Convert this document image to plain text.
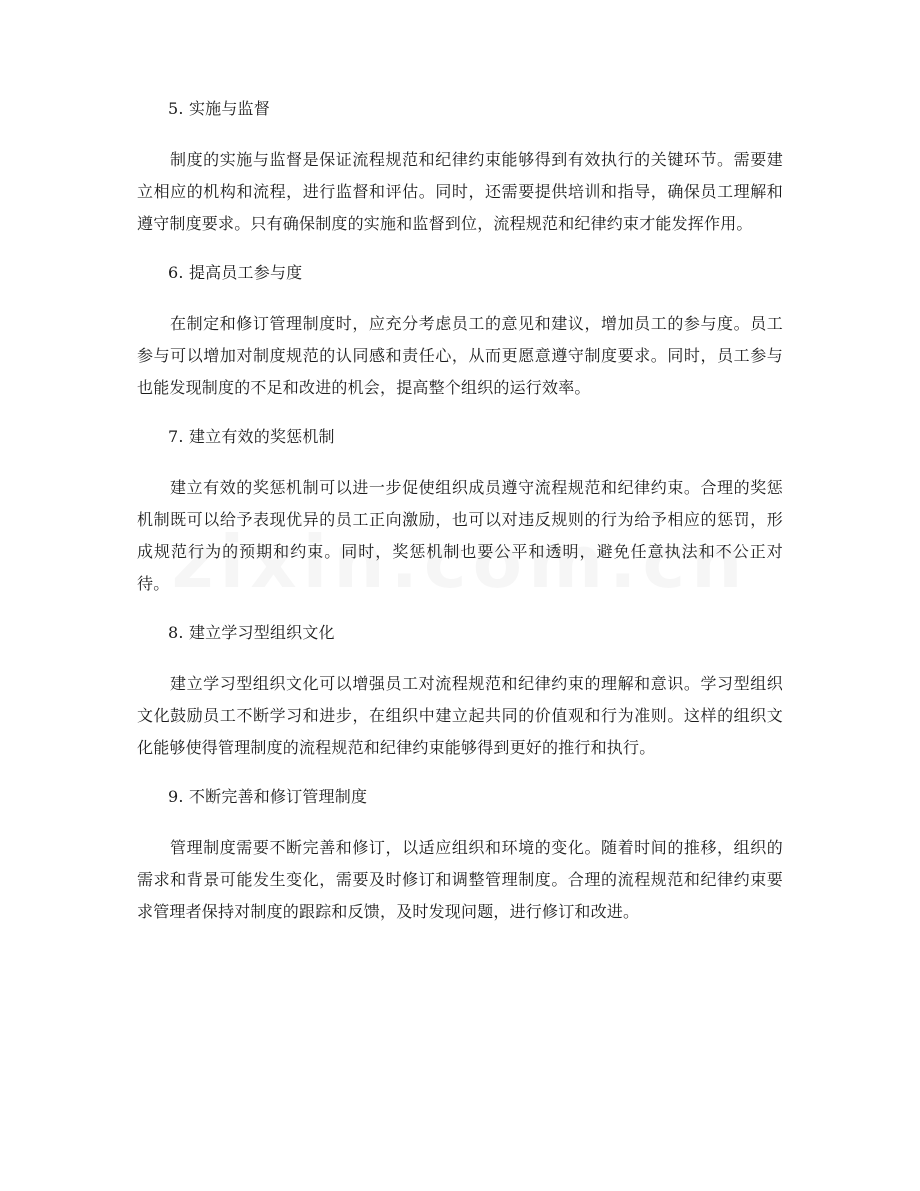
5. 实施与监督
制度的实施与监督是保证流程规范和纪律约束能够得到有效执行的关键环节。需要建立相应的机构和流程，进行监督和评估。同时，还需要提供培训和指导，确保员工理解和遵守制度要求。只有确保制度的实施和监督到位，流程规范和纪律约束才能发挥作用。
6. 提高员工参与度
在制定和修订管理制度时，应充分考虑员工的意见和建议，增加员工的参与度。员工参与可以增加对制度规范的认同感和责任心，从而更愿意遵守制度要求。同时，员工参与也能发现制度的不足和改进的机会，提高整个组织的运行效率。
7. 建立有效的奖惩机制
建立有效的奖惩机制可以进一步促使组织成员遵守流程规范和纪律约束。合理的奖惩机制既可以给予表现优异的员工正向激励，也可以对违反规则的行为给予相应的惩罚，形成规范行为的预期和约束。同时，奖惩机制也要公平和透明，避免任意执法和不公正对待。
8. 建立学习型组织文化
建立学习型组织文化可以增强员工对流程规范和纪律约束的理解和意识。学习型组织文化鼓励员工不断学习和进步，在组织中建立起共同的价值观和行为准则。这样的组织文化能够使得管理制度的流程规范和纪律约束能够得到更好的推行和执行。
9. 不断完善和修订管理制度
管理制度需要不断完善和修订，以适应组织和环境的变化。随着时间的推移，组织的需求和背景可能发生变化，需要及时修订和调整管理制度。合理的流程规范和纪律约束要求管理者保持对制度的跟踪和反馈，及时发现问题，进行修订和改进。
